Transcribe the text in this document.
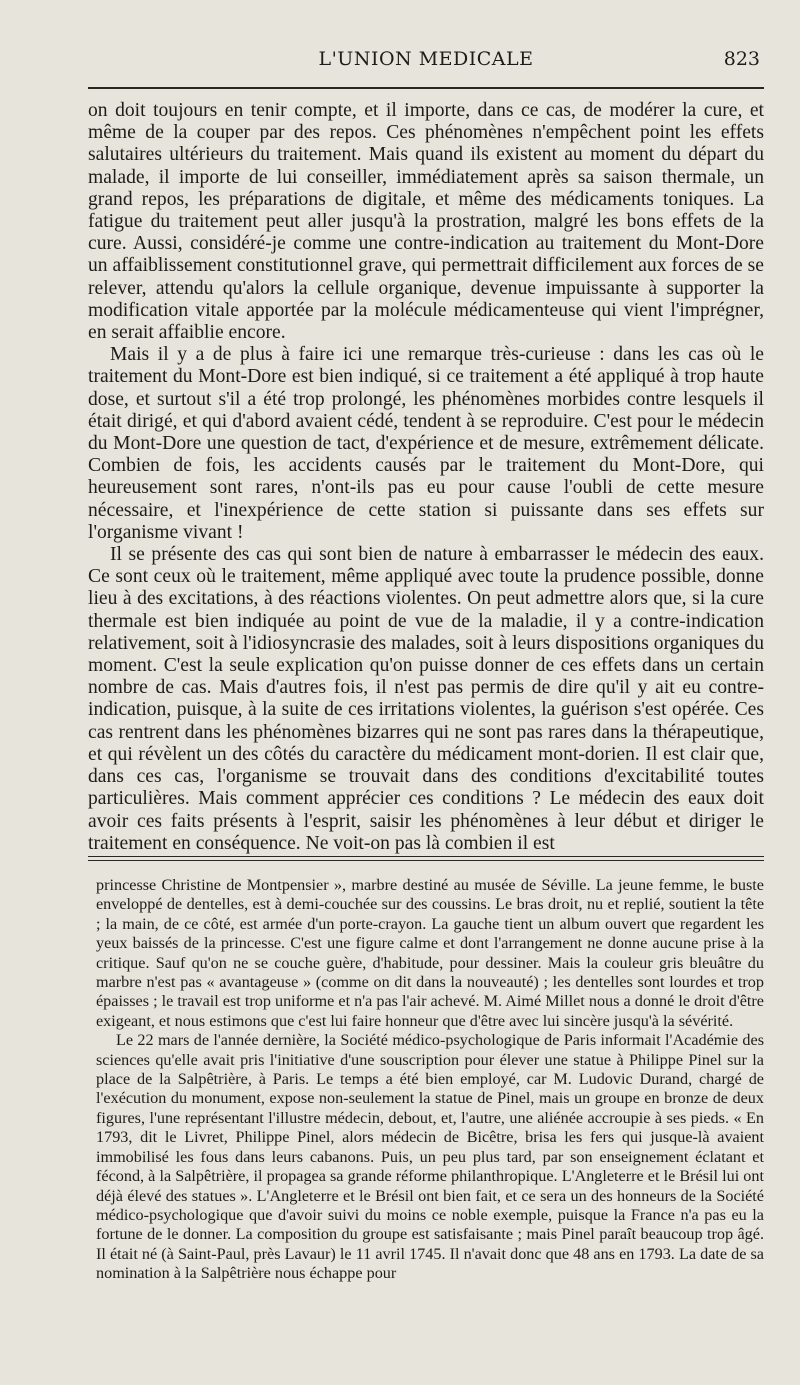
L'UNION MEDICALE	823

on doit toujours en tenir compte, et il importe, dans ce cas, de modérer la cure, et même de la couper par des repos. Ces phénomènes n'empêchent point les effets salutaires ultérieurs du traitement. Mais quand ils existent au moment du départ du malade, il importe de lui conseiller, immédiatement après sa saison thermale, un grand repos, les préparations de digitale, et même des médicaments toniques. La fatigue du traitement peut aller jusqu'à la prostration, malgré les bons effets de la cure. Aussi, considéré-je comme une contre-indication au traitement du Mont-Dore un affaiblissement constitutionnel grave, qui permettrait difficilement aux forces de se relever, attendu qu'alors la cellule organique, devenue impuissante à supporter la modification vitale apportée par la molécule médicamenteuse qui vient l'imprégner, en serait affaiblie encore.

Mais il y a de plus à faire ici une remarque très-curieuse : dans les cas où le traitement du Mont-Dore est bien indiqué, si ce traitement a été appliqué à trop haute dose, et surtout s'il a été trop prolongé, les phénomènes morbides contre lesquels il était dirigé, et qui d'abord avaient cédé, tendent à se reproduire. C'est pour le médecin du Mont-Dore une question de tact, d'expérience et de mesure, extrêmement délicate. Combien de fois, les accidents causés par le traitement du Mont-Dore, qui heureusement sont rares, n'ont-ils pas eu pour cause l'oubli de cette mesure nécessaire, et l'inexpérience de cette station si puissante dans ses effets sur l'organisme vivant !

Il se présente des cas qui sont bien de nature à embarrasser le médecin des eaux. Ce sont ceux où le traitement, même appliqué avec toute la prudence possible, donne lieu à des excitations, à des réactions violentes. On peut admettre alors que, si la cure thermale est bien indiquée au point de vue de la maladie, il y a contre-indication relativement, soit à l'idiosyncrasie des malades, soit à leurs dispositions organiques du moment. C'est la seule explication qu'on puisse donner de ces effets dans un certain nombre de cas. Mais d'autres fois, il n'est pas permis de dire qu'il y ait eu contre-indication, puisque, à la suite de ces irritations violentes, la guérison s'est opérée. Ces cas rentrent dans les phénomènes bizarres qui ne sont pas rares dans la thérapeutique, et qui révèlent un des côtés du caractère du médicament mont-dorien. Il est clair que, dans ces cas, l'organisme se trouvait dans des conditions d'excitabilité toutes particulières. Mais comment apprécier ces conditions ? Le médecin des eaux doit avoir ces faits présents à l'esprit, saisir les phénomènes à leur début et diriger le traitement en conséquence. Ne voit-on pas là combien il est

princesse Christine de Montpensier », marbre destiné au musée de Séville. La jeune femme, le buste enveloppé de dentelles, est à demi-couchée sur des coussins. Le bras droit, nu et replié, soutient la tête ; la main, de ce côté, est armée d'un porte-crayon. La gauche tient un album ouvert que regardent les yeux baissés de la princesse. C'est une figure calme et dont l'arrangement ne donne aucune prise à la critique. Sauf qu'on ne se couche guère, d'habitude, pour dessiner. Mais la couleur gris bleuâtre du marbre n'est pas « avantageuse » (comme on dit dans la nouveauté) ; les dentelles sont lourdes et trop épaisses ; le travail est trop uniforme et n'a pas l'air achevé. M. Aimé Millet nous a donné le droit d'être exigeant, et nous estimons que c'est lui faire honneur que d'être avec lui sincère jusqu'à la sévérité.

Le 22 mars de l'année dernière, la Société médico-psychologique de Paris informait l'Académie des sciences qu'elle avait pris l'initiative d'une souscription pour élever une statue à Philippe Pinel sur la place de la Salpêtrière, à Paris. Le temps a été bien employé, car M. Ludovic Durand, chargé de l'exécution du monument, expose non-seulement la statue de Pinel, mais un groupe en bronze de deux figures, l'une représentant l'illustre médecin, debout, et, l'autre, une aliénée accroupie à ses pieds. « En 1793, dit le Livret, Philippe Pinel, alors médecin de Bicêtre, brisa les fers qui jusque-là avaient immobilisé les fous dans leurs cabanons. Puis, un peu plus tard, par son enseignement éclatant et fécond, à la Salpêtrière, il propagea sa grande réforme philanthropique. L'Angleterre et le Brésil lui ont déjà élevé des statues ». L'Angleterre et le Brésil ont bien fait, et ce sera un des honneurs de la Société médico-psychologique que d'avoir suivi du moins ce noble exemple, puisque la France n'a pas eu la fortune de le donner. La composition du groupe est satisfaisante ; mais Pinel paraît beaucoup trop âgé. Il était né (à Saint-Paul, près Lavaur) le 11 avril 1745. Il n'avait donc que 48 ans en 1793. La date de sa nomination à la Salpêtrière nous échappe pour
